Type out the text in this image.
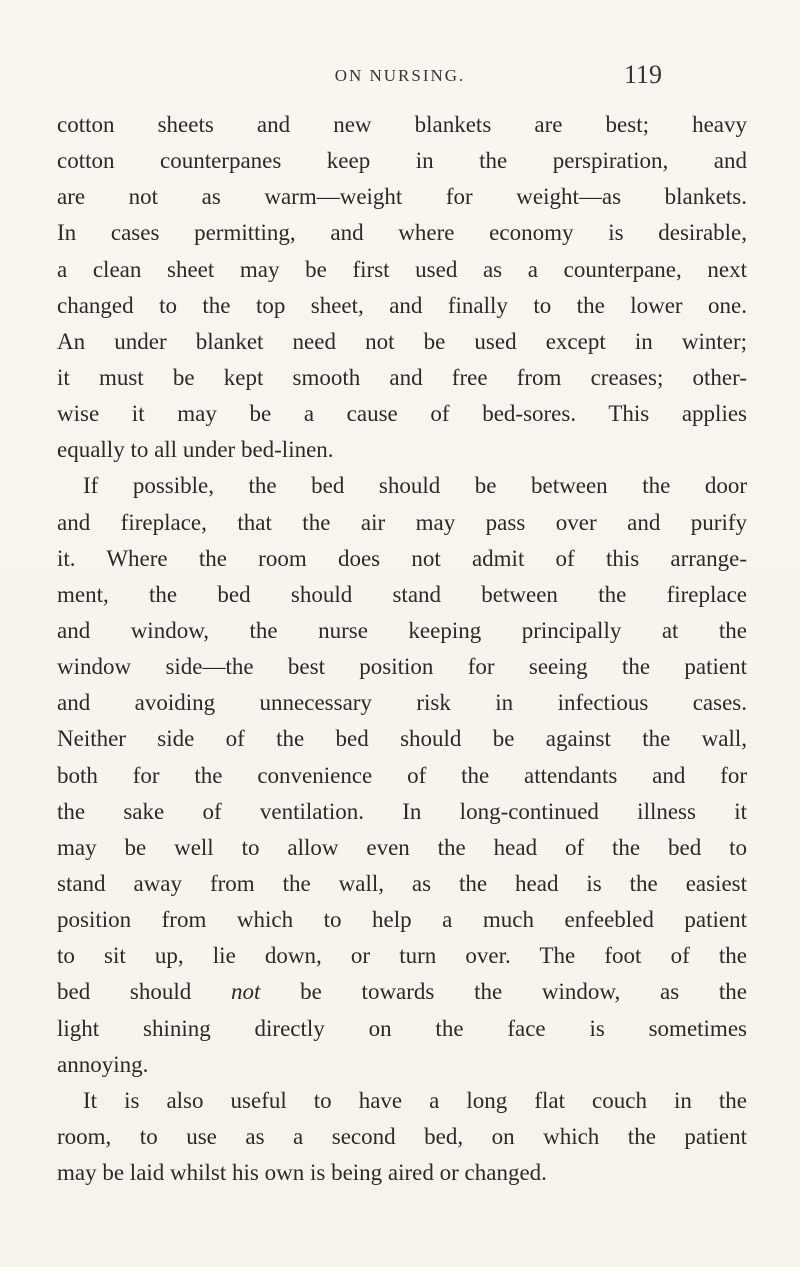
ON NURSING.	119
cotton sheets and new blankets are best; heavy
cotton counterpanes keep in the perspiration, and
are not as warm—weight for weight—as blankets.
In cases permitting, and where economy is desirable,
a clean sheet may be first used as a counterpane, next
changed to the top sheet, and finally to the lower one.
An under blanket need not be used except in winter;
it must be kept smooth and free from creases; other-
wise it may be a cause of bed-sores. This applies
equally to all under bed-linen.
If possible, the bed should be between the door
and fireplace, that the air may pass over and purify
it. Where the room does not admit of this arrange-
ment, the bed should stand between the fireplace
and window, the nurse keeping principally at the
window side—the best position for seeing the patient
and avoiding unnecessary risk in infectious cases.
Neither side of the bed should be against the wall,
both for the convenience of the attendants and for
the sake of ventilation. In long-continued illness it
may be well to allow even the head of the bed to
stand away from the wall, as the head is the easiest
position from which to help a much enfeebled patient
to sit up, lie down, or turn over. The foot of the
bed should not be towards the window, as the
light shining directly on the face is sometimes
annoying.
It is also useful to have a long flat couch in the
room, to use as a second bed, on which the patient
may be laid whilst his own is being aired or changed.
